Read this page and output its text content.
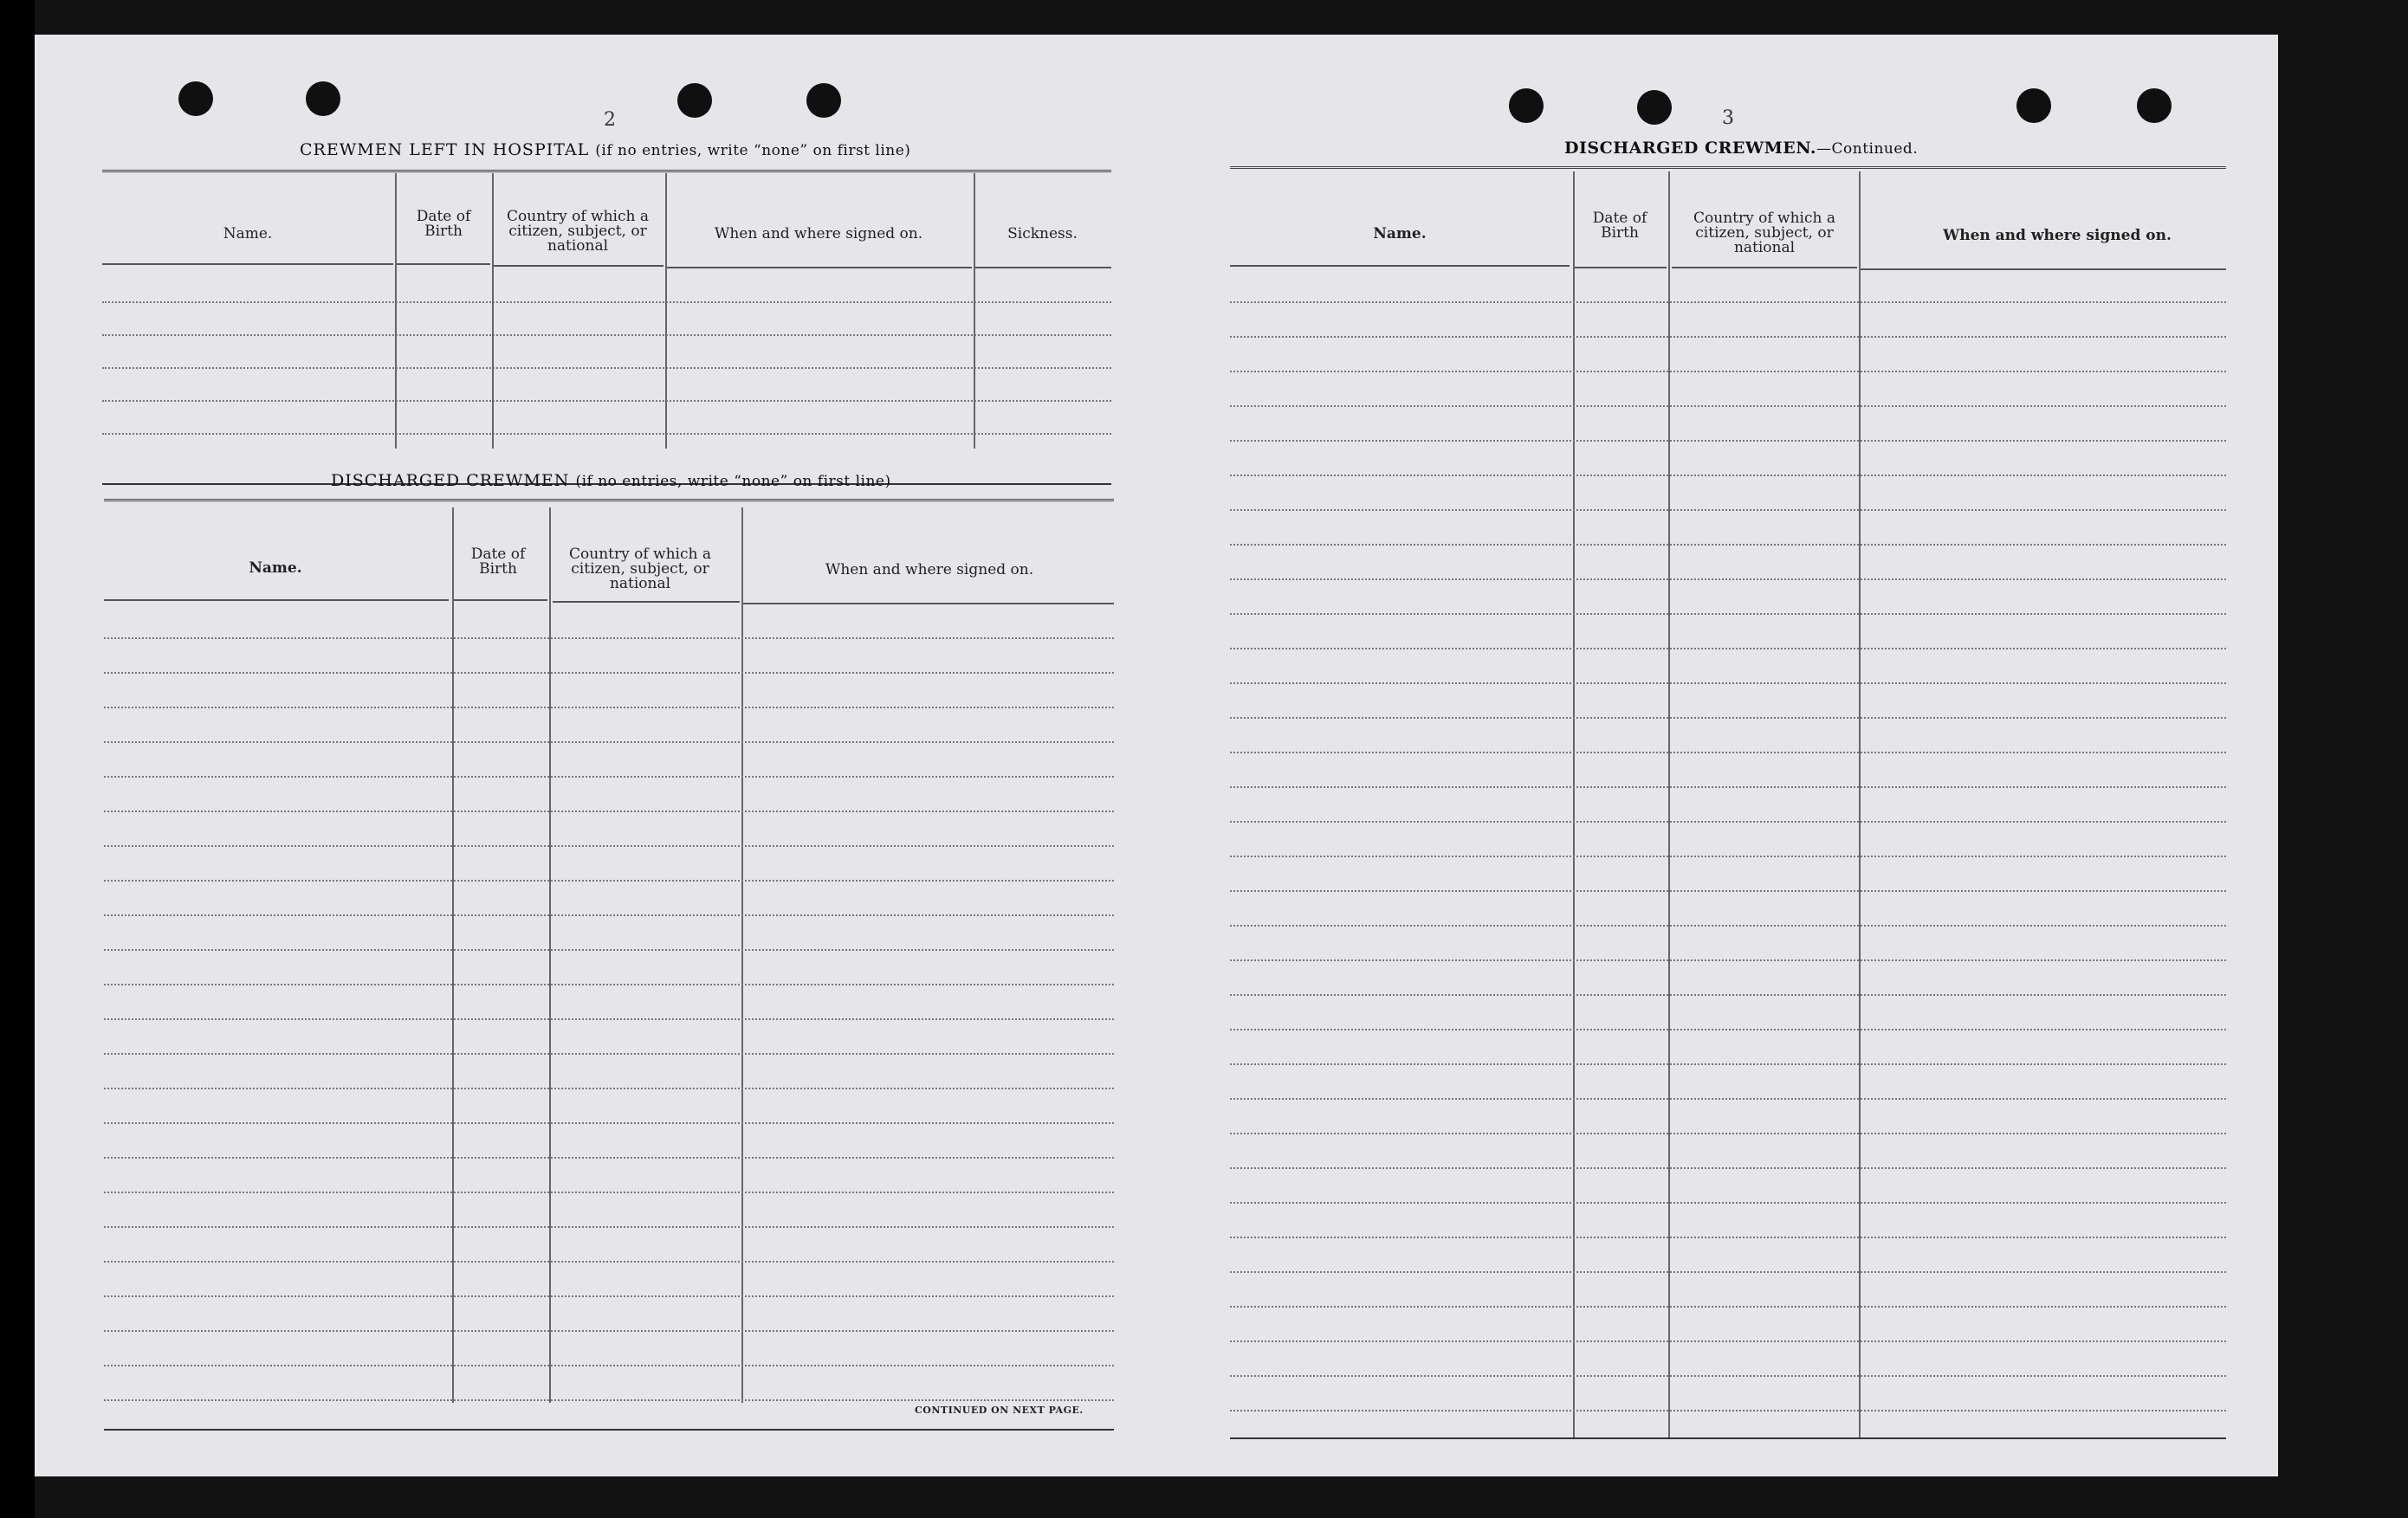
2
CREWMEN LEFT IN HOSPITAL (if no entries, write “none” on first line)
Name.
Date of Birth
Country of which a citizen, subject, or national
When and where signed on.	Sickness.
DISCHARGED CREWMEN (if no entries, write “none” on first line)
Name.
Date of Birth
Country of which a citizen, subject, or national
When and where signed on.
CONTINUED ON NEXT PAGE.
3
DISCHARGED CREWMEN.—Continued.
Name.
Date of Birth
Country of which a citizen, subject, or national
When and where signed on.
